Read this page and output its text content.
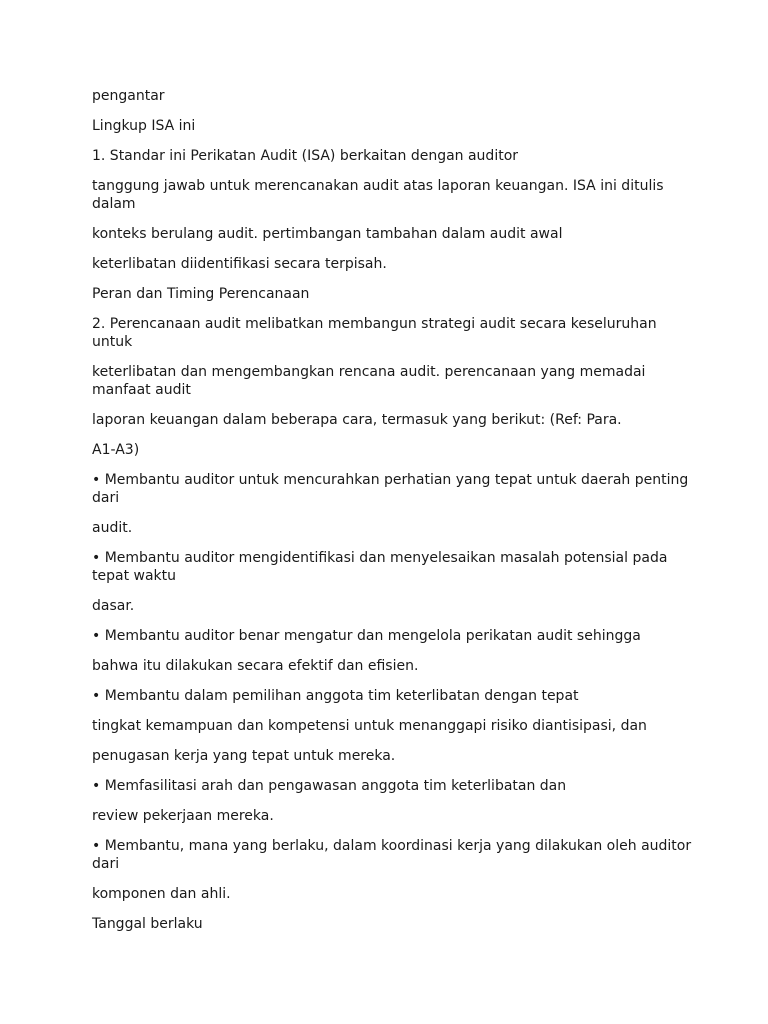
pengantar

Lingkup ISA ini

1. Standar ini Perikatan Audit (ISA) berkaitan dengan auditor

tanggung jawab untuk merencanakan audit atas laporan keuangan. ISA ini ditulis dalam

konteks berulang audit. pertimbangan tambahan dalam audit awal

keterlibatan diidentifikasi secara terpisah.

Peran dan Timing Perencanaan

2. Perencanaan audit melibatkan membangun strategi audit secara keseluruhan untuk

keterlibatan dan mengembangkan rencana audit. perencanaan yang memadai manfaat audit

laporan keuangan dalam beberapa cara, termasuk yang berikut: (Ref: Para.

A1-A3)

• Membantu auditor untuk mencurahkan perhatian yang tepat untuk daerah penting dari

audit.

• Membantu auditor mengidentifikasi dan menyelesaikan masalah potensial pada tepat waktu

dasar.

• Membantu auditor benar mengatur dan mengelola perikatan audit sehingga

bahwa itu dilakukan secara efektif dan efisien.

• Membantu dalam pemilihan anggota tim keterlibatan dengan tepat

tingkat kemampuan dan kompetensi untuk menanggapi risiko diantisipasi, dan

penugasan kerja yang tepat untuk mereka.

• Memfasilitasi arah dan pengawasan anggota tim keterlibatan dan

review pekerjaan mereka.

• Membantu, mana yang berlaku, dalam koordinasi kerja yang dilakukan oleh auditor dari

komponen dan ahli.

Tanggal berlaku
